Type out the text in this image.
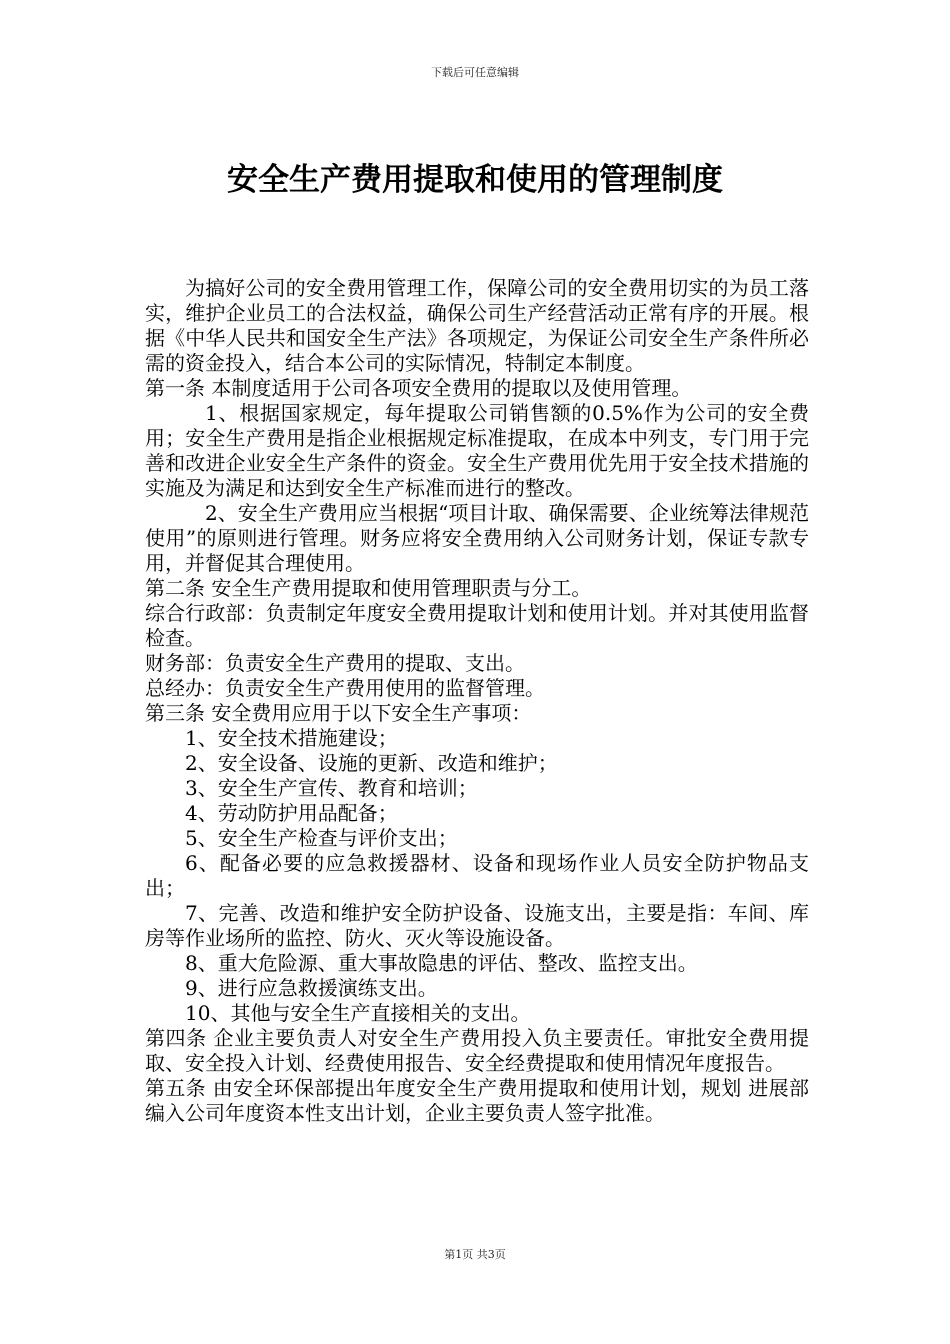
下载后可任意编辑
安全生产费用提取和使用的管理制度

为搞好公司的安全费用管理工作，保障公司的安全费用切实的为员工落实，维护企业员工的合法权益，确保公司生产经营活动正常有序的开展。根据《中华人民共和国安全生产法》各项规定，为保证公司安全生产条件所必需的资金投入，结合本公司的实际情况，特制定本制度。

第一条 本制度适用于公司各项安全费用的提取以及使用管理。

1、根据国家规定，每年提取公司销售额的0.5%作为公司的安全费用；安全生产费用是指企业根据规定标准提取，在成本中列支，专门用于完善和改进企业安全生产条件的资金。安全生产费用优先用于安全技术措施的实施及为满足和达到安全生产标准而进行的整改。

2、安全生产费用应当根据“项目计取、确保需要、企业统筹法律规范使用”的原则进行管理。财务应将安全费用纳入公司财务计划，保证专款专用，并督促其合理使用。

第二条 安全生产费用提取和使用管理职责与分工。

综合行政部：负责制定年度安全费用提取计划和使用计划。并对其使用监督检查。

财务部：负责安全生产费用的提取、支出。

总经办：负责安全生产费用使用的监督管理。

第三条 安全费用应用于以下安全生产事项：

1、安全技术措施建设；

2、安全设备、设施的更新、改造和维护；

3、安全生产宣传、教育和培训；

4、劳动防护用品配备；

5、安全生产检查与评价支出；

6、配备必要的应急救援器材、设备和现场作业人员安全防护物品支出；

7、完善、改造和维护安全防护设备、设施支出，主要是指：车间、库房等作业场所的监控、防火、灭火等设施设备。

8、重大危险源、重大事故隐患的评估、整改、监控支出。

9、进行应急救援演练支出。

10、其他与安全生产直接相关的支出。

第四条 企业主要负责人对安全生产费用投入负主要责任。审批安全费用提取、安全投入计划、经费使用报告、安全经费提取和使用情况年度报告。

第五条 由安全环保部提出年度安全生产费用提取和使用计划，规划 进展部编入公司年度资本性支出计划，企业主要负责人签字批准。

第1页 共3页
